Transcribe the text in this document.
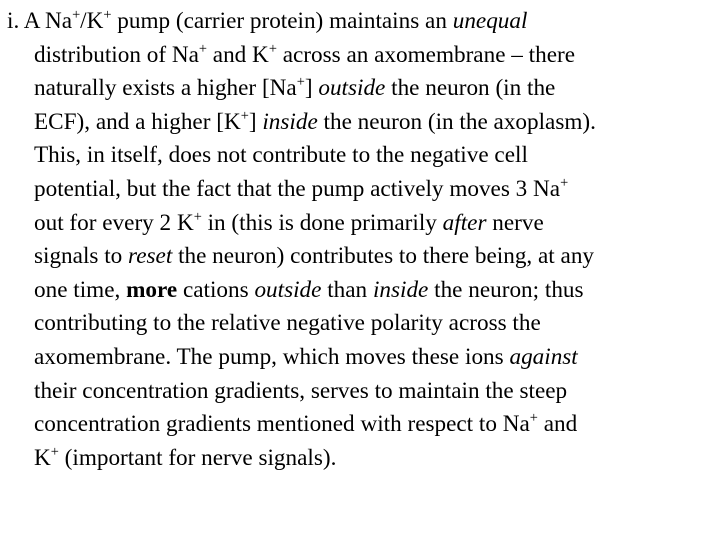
i. A Na+/K+ pump (carrier protein) maintains an unequal
distribution of Na+ and K+ across an axomembrane – there
naturally exists a higher [Na+] outside the neuron (in the
ECF), and a higher [K+] inside the neuron (in the axoplasm).
This, in itself, does not contribute to the negative cell
potential, but the fact that the pump actively moves 3 Na+
out for every 2 K+ in (this is done primarily after nerve
signals to reset the neuron) contributes to there being, at any
one time, more cations outside than inside the neuron; thus
contributing to the relative negative polarity across the
axomembrane. The pump, which moves these ions against
their concentration gradients, serves to maintain the steep
concentration gradients mentioned with respect to Na+ and
K+ (important for nerve signals).
